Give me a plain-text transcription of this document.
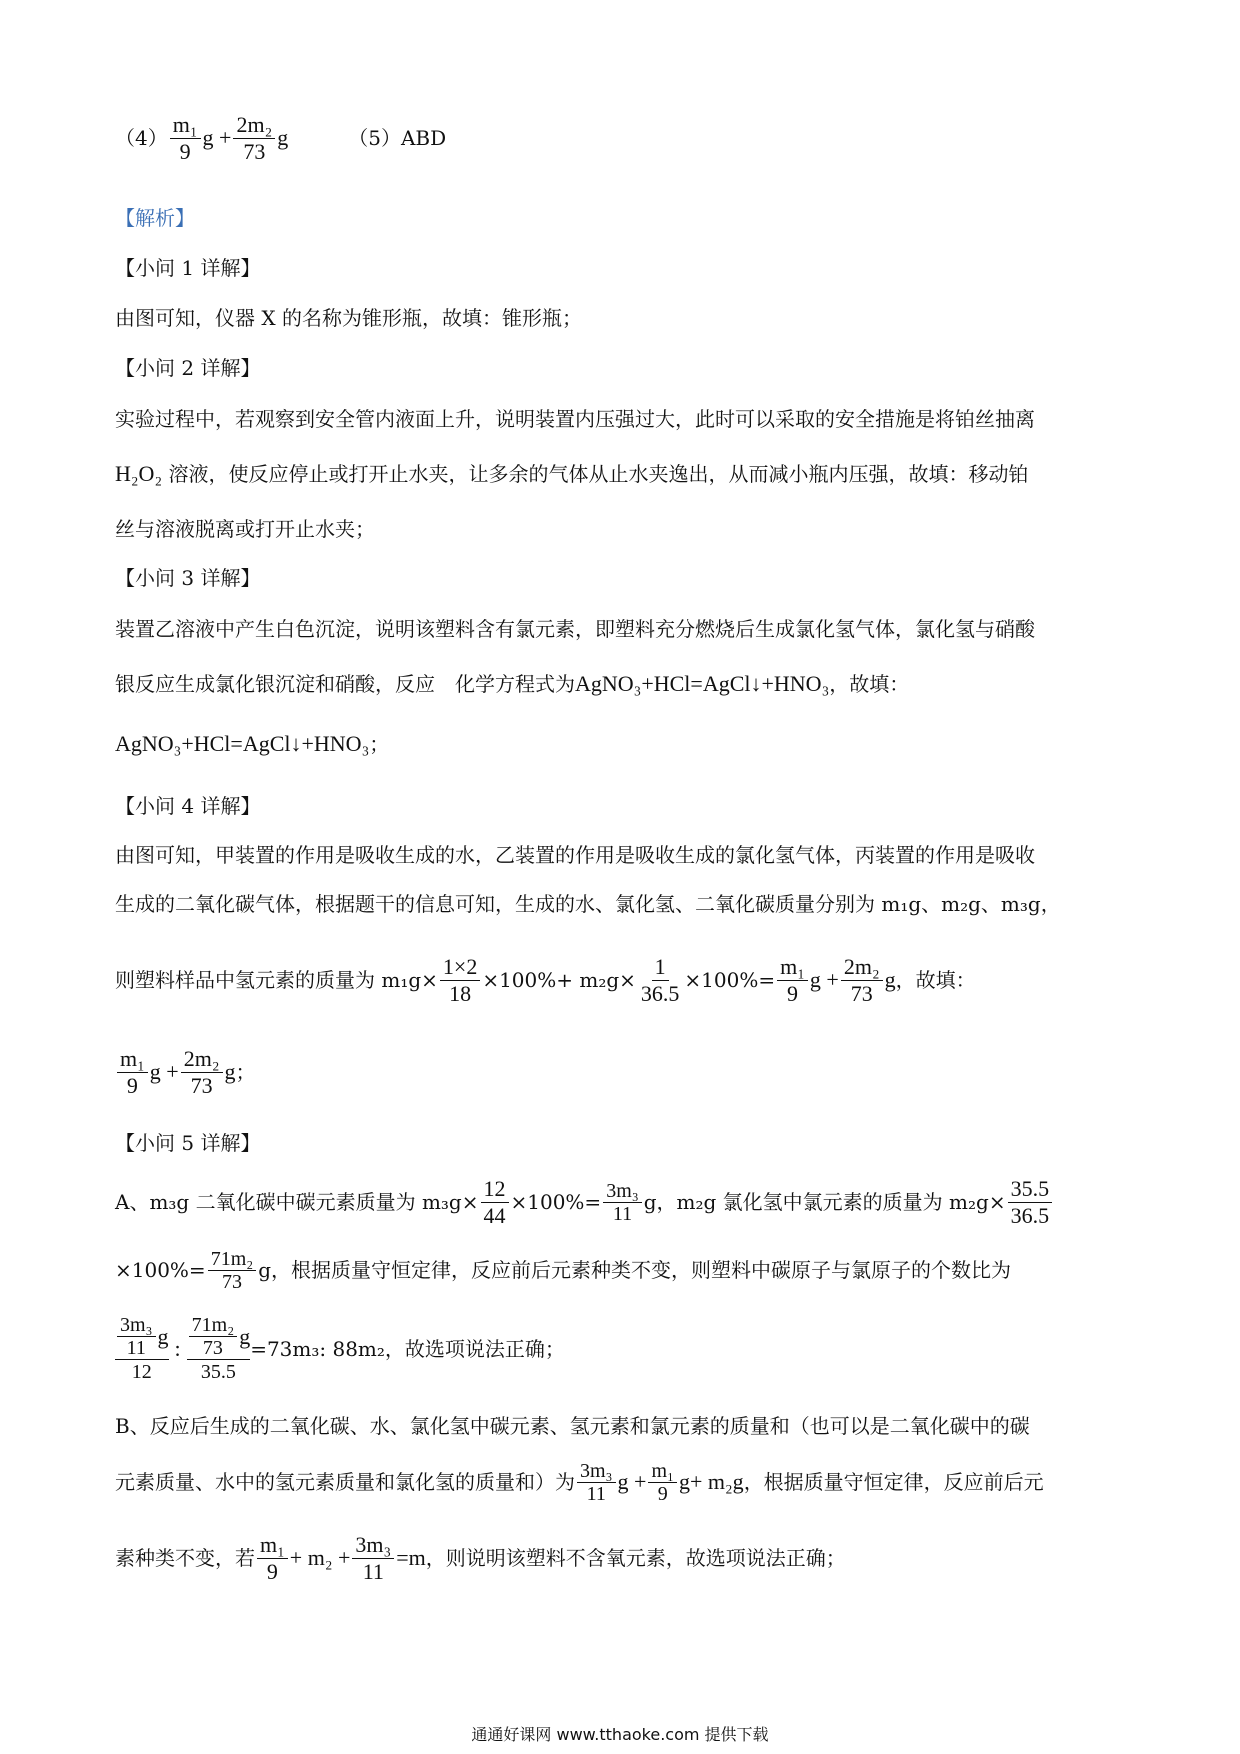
$(4) \frac{\text{m₁}}{9}$ $g + \frac{\text{2m₂}}{73}$ g	（5）ABD
【解析】
【小问 1 详解】
由图可知，仪器 X 的名称为锥形瓶，故填：锥形瓶；
【小问 2 详解】
实验过程中，若观察到安全管内液面上升，说明装置内压强过大，此时可以采取的安全措施是将铂丝抽离
H₂O₂ 溶液，使反应停止或打开止水夹，让多余的气体从止水夹逸出，从而减小瓶内压强，故填：移动铂
丝与溶液脱离或打开止水夹；
【小问 3 详解】
装置乙溶液中产生白色沉淀，说明该塑料含有氯元素，即塑料充分燃烧后生成氯化氢气体，氯化氢与硝酸
银反应生成氯化银沉淀和硝酸，反应　化学方程式为AgNO₃+HCl=AgCl↓+HNO₃，故填：
AgNO₃+HCl=AgCl↓+HNO₃；
【小问 4 详解】
由图可知，甲装置的作用是吸收生成的水，乙装置的作用是吸收生成的氯化氢气体，丙装置的作用是吸收
生成的二氧化碳气体，根据题干的信息可知，生成的水、氯化氢、二氧化碳质量分别为 m₁g、m₂g、m₃g，
则塑料样品中氢元素的质量为 $m_1g\times \frac{1\times 2}{18} \times 100\%+ m_2g\times \frac{1}{36.5} \times 100\%= \frac{\text{m₁}}{9}$ $g + \frac{\text{2m₂}}{73}$ g ，故填：
$\frac{\text{m₁}}{9}$ $g + \frac{\text{2m₂}}{73}$ g ；
【小问 5 详解】
A、m₃g 二氧化碳中碳元素质量为 $m_3g\times \frac{12}{44} \times 100\%= \frac{\text{3m₃}}{11}$ g，m₂g 氯化氢中氯元素的质量为 $m_2g\times \frac{35.5}{36.5}$
$\times 100\%= \frac{\text{71m₂}}{73}$ g，根据质量守恒定律，反应前后元素种类不变，则塑料中碳原子与氯原子的个数比为
$\frac{\frac{\text{3m₃}}{11} g}{12}$ : $\frac{\frac{\text{71m₂}}{73} g}{35.5} =73m_3$: 88m₂，故选项说法正确；
B、反应后生成的二氧化碳、水、氯化氢中碳元素、氢元素和氯元素的质量和（也可以是二氧化碳中的碳
元素质量、水中的氢元素质量和氯化氢的质量和）为 $\frac{\text{3m₃}}{11}$ $g + \frac{\text{m₁}}{9} g+ m_2g$ ，根据质量守恒定律，反应前后元
素种类不变，若 $\frac{\text{m₁}}{9} + m_2 + \frac{\text{3m₃}}{11} =m$ ，则说明该塑料不含氧元素，故选项说法正确；
通通好课网 www.tthaoke.com 提供下载
